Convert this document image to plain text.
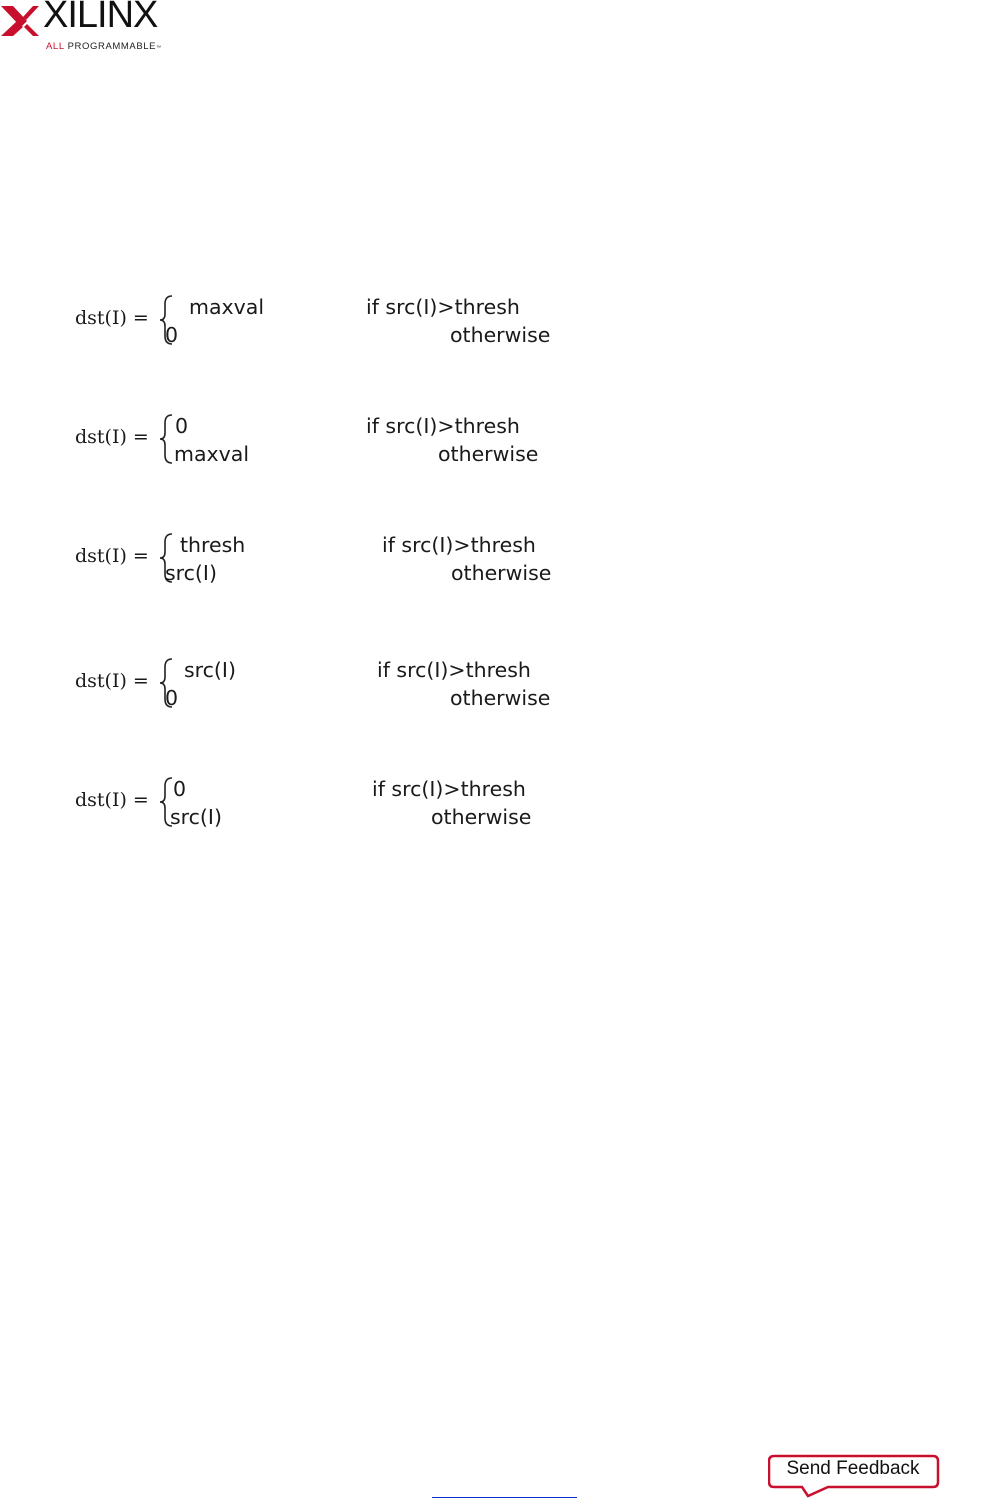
XILINX
ALL PROGRAMMABLE™
dst(I) = maxval	if src(I)>thresh
0	otherwise
dst(I) = 0	if src(I)>thresh
maxval	otherwise
dst(I) = thresh	if src(I)>thresh
src(I)	otherwise
dst(I) = src(I)	if src(I)>thresh
0	otherwise
dst(I) = 0	if src(I)>thresh
src(I)	otherwise
Send Feedback
